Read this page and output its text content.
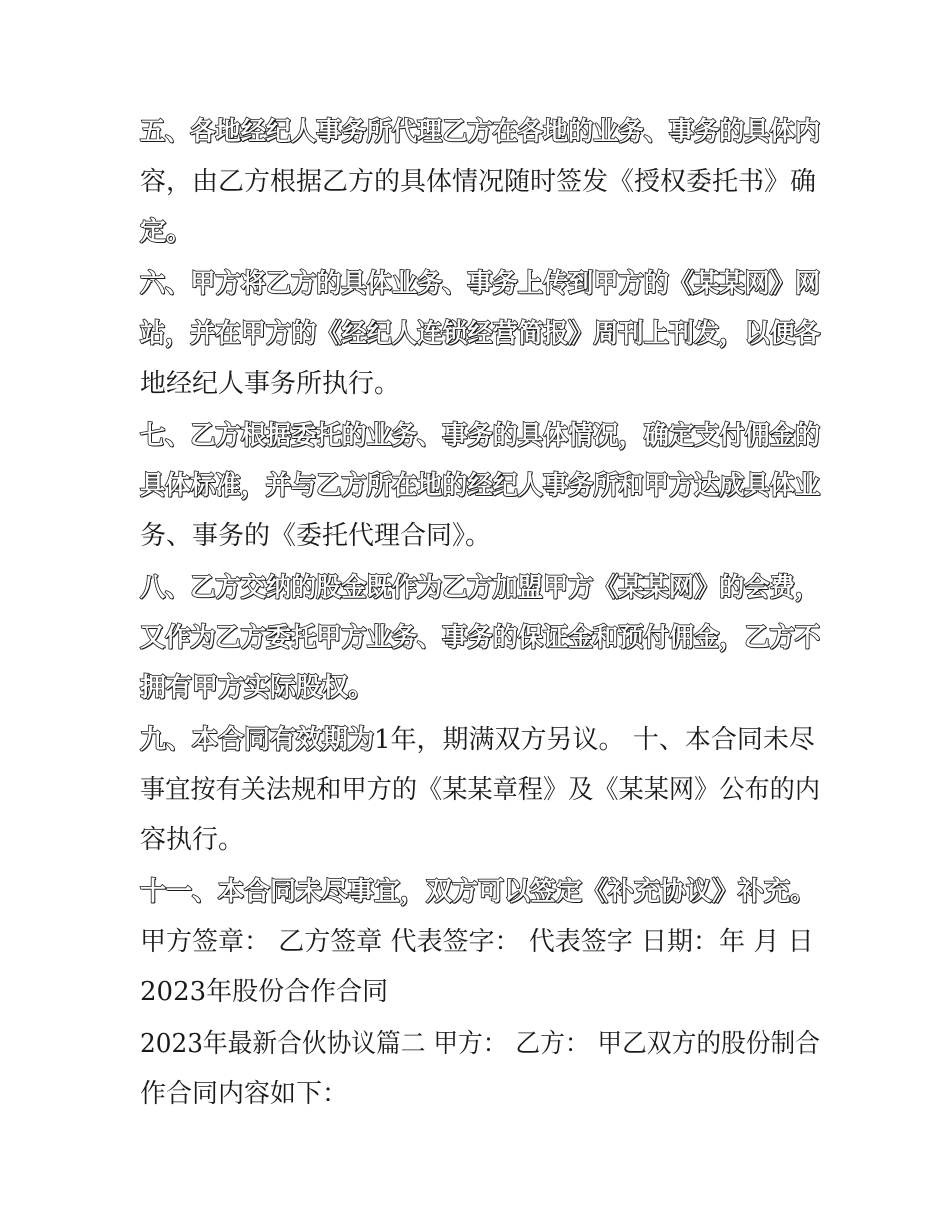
五、各地经纪人事务所代理乙方在各地的业务、事务的具体内
容，由乙方根据乙方的具体情况随时签发《授权委托书》确
定。
六、甲方将乙方的具体业务、事务上传到甲方的《某某网》网
站，并在甲方的《经纪人连锁经营简报》周刊上刊发，以便各
地经纪人事务所执行。
七、乙方根据委托的业务、事务的具体情况，确定支付佣金的
具体标准，并与乙方所在地的经纪人事务所和甲方达成具体业
务、事务的《委托代理合同》。
八、乙方交纳的股金既作为乙方加盟甲方《某某网》的会费，
又作为乙方委托甲方业务、事务的保证金和预付佣金，乙方不
拥有甲方实际股权。
九、本合同有效期为1年，期满双方另议。 十、本合同未尽
事宜按有关法规和甲方的《某某章程》及《某某网》公布的内
容执行。
十一、本合同未尽事宜，双方可以签定《补充协议》补充。
甲方签章： 乙方签章 代表签字： 代表签字 日期：年 月 日
2023年股份合作合同
2023年最新合伙协议篇二 甲方： 乙方： 甲乙双方的股份制合
作合同内容如下：
